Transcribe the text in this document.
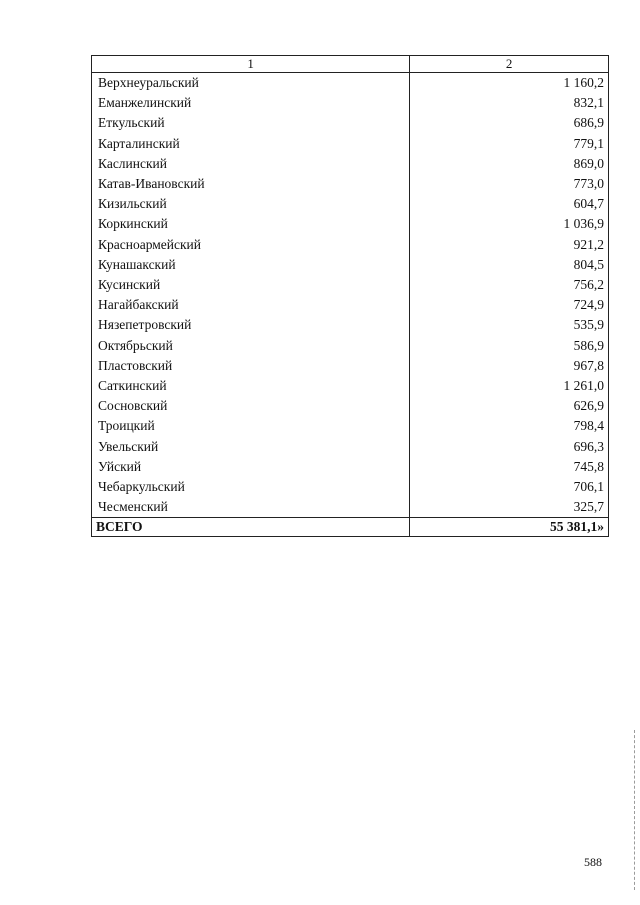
1	2
Верхнеуральский	1 160,2
Еманжелинский	832,1
Еткульский	686,9
Карталинский	779,1
Каслинский	869,0
Катав-Ивановский	773,0
Кизильский	604,7
Коркинский	1 036,9
Красноармейский	921,2
Кунашакский	804,5
Кусинский	756,2
Нагайбакский	724,9
Нязепетровский	535,9
Октябрьский	586,9
Пластовский	967,8
Саткинский	1 261,0
Сосновский	626,9
Троицкий	798,4
Увельский	696,3
Уйский	745,8
Чебаркульский	706,1
Чесменский	325,7
ВСЕГО	55 381,1»
588
